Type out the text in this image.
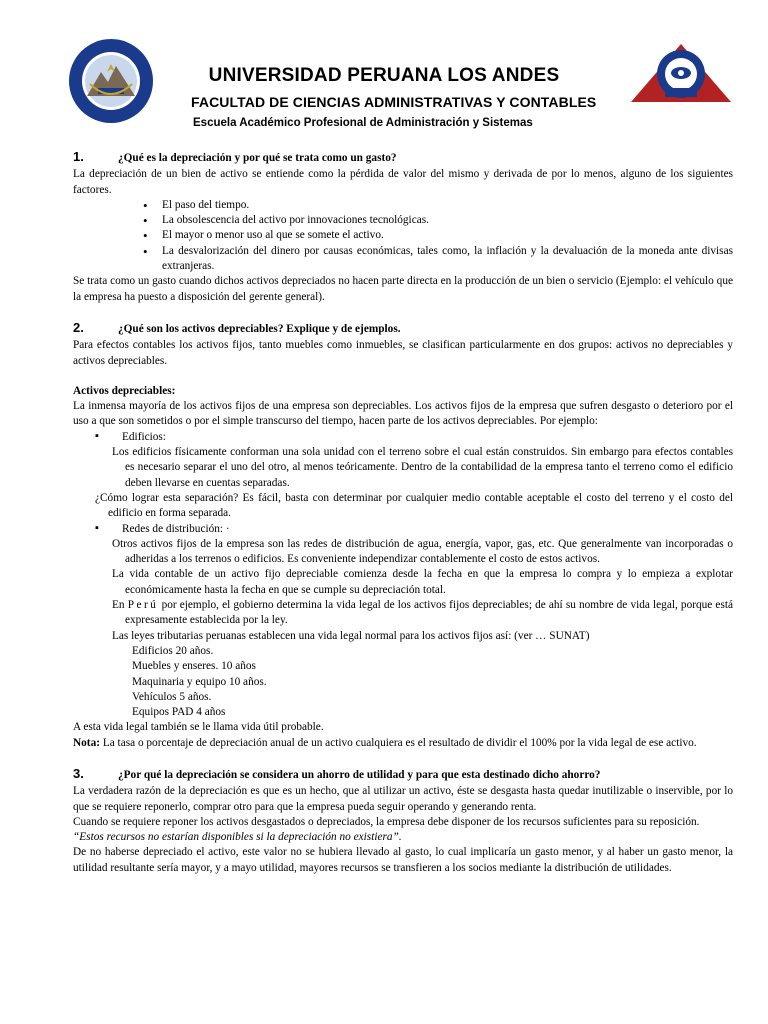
UNIVERSIDAD PERUANA LOS ANDES
FACULTAD DE CIENCIAS ADMINISTRATIVAS Y CONTABLES
Escuela Académico Profesional de Administración y Sistemas
1.	¿Qué es la depreciación y por qué se trata como un gasto?

La depreciación de un bien de activo se entiende como la pérdida de valor del mismo y derivada de por lo menos, alguno de los siguientes factores.

• El paso del tiempo.
• La obsolescencia del activo por innovaciones tecnológicas.
• El mayor o menor uso al que se somete el activo.
• La desvalorización del dinero por causas económicas, tales como, la inflación y la devaluación de la moneda ante divisas extranjeras.

Se trata como un gasto cuando dichos activos depreciados no hacen parte directa en la producción de un bien o servicio (Ejemplo: el vehículo que la empresa ha puesto a disposición del gerente general).

2.	¿Qué son los activos depreciables? Explique y de ejemplos.

Para efectos contables los activos fijos, tanto muebles como inmuebles, se clasifican particularmente en dos grupos: activos no depreciables y activos depreciables.

Activos depreciables:

La inmensa mayoría de los activos fijos de una empresa son depreciables. Los activos fijos de la empresa que sufren desgasto o deterioro por el uso a que son sometidos o por el simple transcurso del tiempo, hacen parte de los activos depreciables. Por ejemplo:

▪ Edificios:

Los edificios físicamente conforman una sola unidad con el terreno sobre el cual están construidos. Sin embargo para efectos contables es necesario separar el uno del otro, al menos teóricamente. Dentro de la contabilidad de la empresa tanto el terreno como el edificio deben llevarse en cuentas separadas.

¿Cómo lograr esta separación? Es fácil, basta con determinar por cualquier medio contable aceptable el costo del terreno y el costo del edificio en forma separada.

▪ Redes de distribución: ·

Otros activos fijos de la empresa son las redes de distribución de agua, energía, vapor, gas, etc. Que generalmente van incorporadas o adheridas a los terrenos o edificios. Es conveniente independizar contablemente el costo de estos activos.

La vida contable de un activo fijo depreciable comienza desde la fecha en que la empresa lo compra y lo empieza a explotar económicamente hasta la fecha en que se cumple su depreciación total.

En Perú por ejemplo, el gobierno determina la vida legal de los activos fijos depreciables; de ahí su nombre de vida legal, porque está expresamente establecida por la ley.

Las leyes tributarias peruanas establecen una vida legal normal para los activos fijos así: (ver … SUNAT)

Edificios 20 años.
Muebles y enseres. 10 años
Maquinaria y equipo 10 años.
Vehículos 5 años.
Equipos PAD 4 años

A esta vida legal también se le llama vida útil probable.

Nota: La tasa o porcentaje de depreciación anual de un activo cualquiera es el resultado de dividir el 100% por la vida legal de ese activo.

3.	¿Por qué la depreciación se considera un ahorro de utilidad y para que esta destinado dicho ahorro?

La verdadera razón de la depreciación es que es un hecho, que al utilizar un activo, éste se desgasta hasta quedar inutilizable o inservible, por lo que se requiere reponerlo, comprar otro para que la empresa pueda seguir operando y generando renta.

Cuando se requiere reponer los activos desgastados o depreciados, la empresa debe disponer de los recursos suficientes para su reposición.

“Estos recursos no estarían disponibles si la depreciación no existiera”.

De no haberse depreciado el activo, este valor no se hubiera llevado al gasto, lo cual implicaría un gasto menor, y al haber un gasto menor, la utilidad resultante sería mayor, y a mayo utilidad, mayores recursos se transfieren a los socios mediante la distribución de utilidades.
